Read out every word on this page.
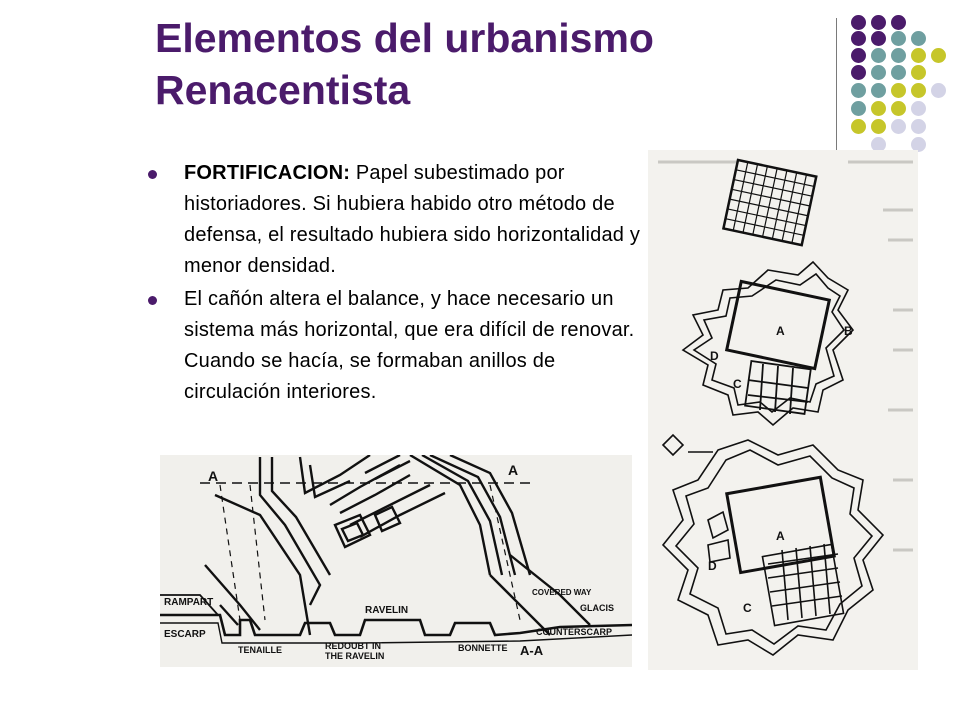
Elementos del urbanismo
Renacentista
FORTIFICACION: Papel subestimado por historiadores. Si hubiera habido otro método de defensa, el resultado hubiera sido horizontalidad y menor densidad.
El cañón altera el balance, y hace necesario un sistema más horizontal, que era difícil de renovar. Cuando se hacía, se formaban anillos de circulación interiores.
A	A
RAMPART
ESCARP
TENAILLE
RAVELIN
REDOUBT IN
THE RAVELIN
BONNETTE
COVERED WAY
GLACIS
COUNTERSCARP
A-A
A	B
D
C
A
D
C
